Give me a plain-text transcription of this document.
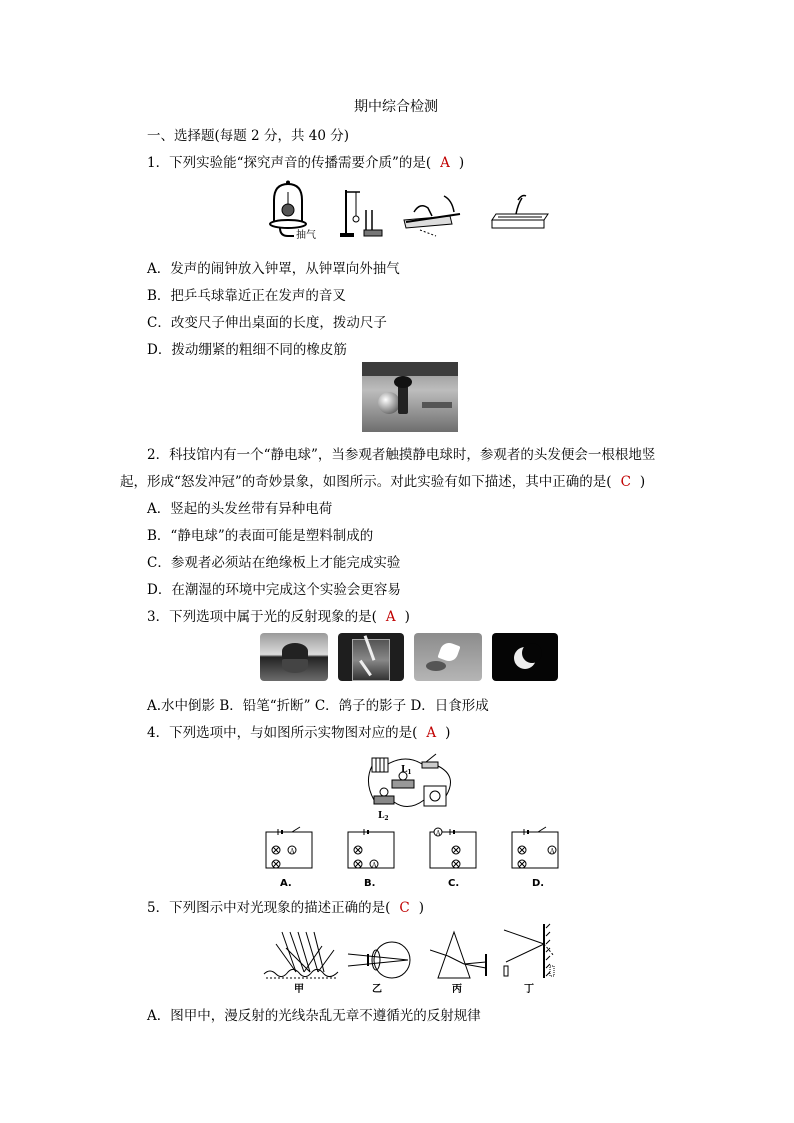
期中综合检测
一、选择题(每题 2 分，共 40 分)
1．下列实验能“探究声音的传播需要介质”的是( A )
抽气
A．发声的闹钟放入钟罩，从钟罩向外抽气
B．把乒乓球靠近正在发声的音叉
C．改变尺子伸出桌面的长度，拨动尺子
D．拨动绷紧的粗细不同的橡皮筋
2．科技馆内有一个“静电球”，当参观者触摸静电球时，参观者的头发便会一根根地竖
起，形成“怒发冲冠”的奇妙景象，如图所示。对此实验有如下描述，其中正确的是( C )
A．竖起的头发丝带有异种电荷
B．“静电球”的表面可能是塑料制成的
C．参观者必须站在绝缘板上才能完成实验
D．在潮湿的环境中完成这个实验会更容易
3．下列选项中属于光的反射现象的是( A )
A.水中倒影 B．铅笔“折断” C．鸽子的影子 D．日食形成
4．下列选项中，与如图所示实物图对应的是( A )
$L_1$
$L_2$
A
A.
A
B.
A
C.
A
D.
5．下列图示中对光现象的描述正确的是( C )
甲	乙	丙	丁
A．图甲中，漫反射的光线杂乱无章不遵循光的反射规律
